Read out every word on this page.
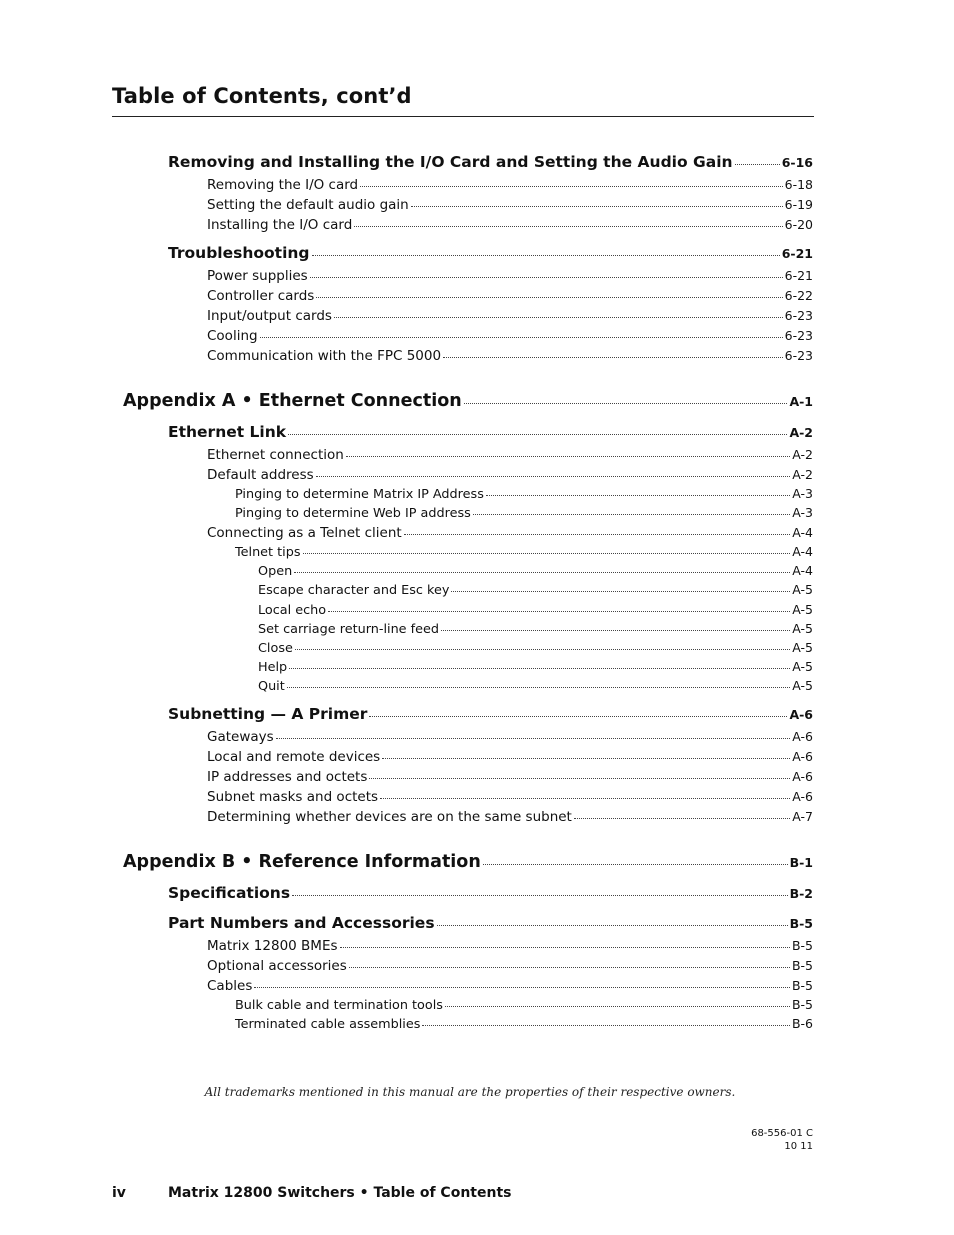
Table of Contents, cont’d
Removing and Installing the I/O Card and Setting the Audio Gain	6-16
Removing the I/O card	6-18
Setting the default audio gain	6-19
Installing the I/O card	6-20
Troubleshooting	6-21
Power supplies	6-21
Controller cards	6-22
Input/output cards	6-23
Cooling	6-23
Communication with the FPC 5000	6-23
Appendix A • Ethernet Connection	A-1
Ethernet Link	A-2
Ethernet connection	A-2
Default address	A-2
Pinging to determine Matrix IP Address	A-3
Pinging to determine Web IP address	A-3
Connecting as a Telnet client	A-4
Telnet tips	A-4
Open	A-4
Escape character and Esc key	A-5
Local echo	A-5
Set carriage return-line feed	A-5
Close	A-5
Help	A-5
Quit	A-5
Subnetting — A Primer	A-6
Gateways	A-6
Local and remote devices	A-6
IP addresses and octets	A-6
Subnet masks and octets	A-6
Determining whether devices are on the same subnet	A-7
Appendix B • Reference Information	B-1
Specifications	B-2
Part Numbers and Accessories	B-5
Matrix 12800 BMEs	B-5
Optional accessories	B-5
Cables	B-5
Bulk cable and termination tools	B-5
Terminated cable assemblies	B-6
All trademarks mentioned in this manual are the properties of their respective owners.
68-556-01 C
10 11
iv	Matrix 12800 Switchers • Table of Contents
